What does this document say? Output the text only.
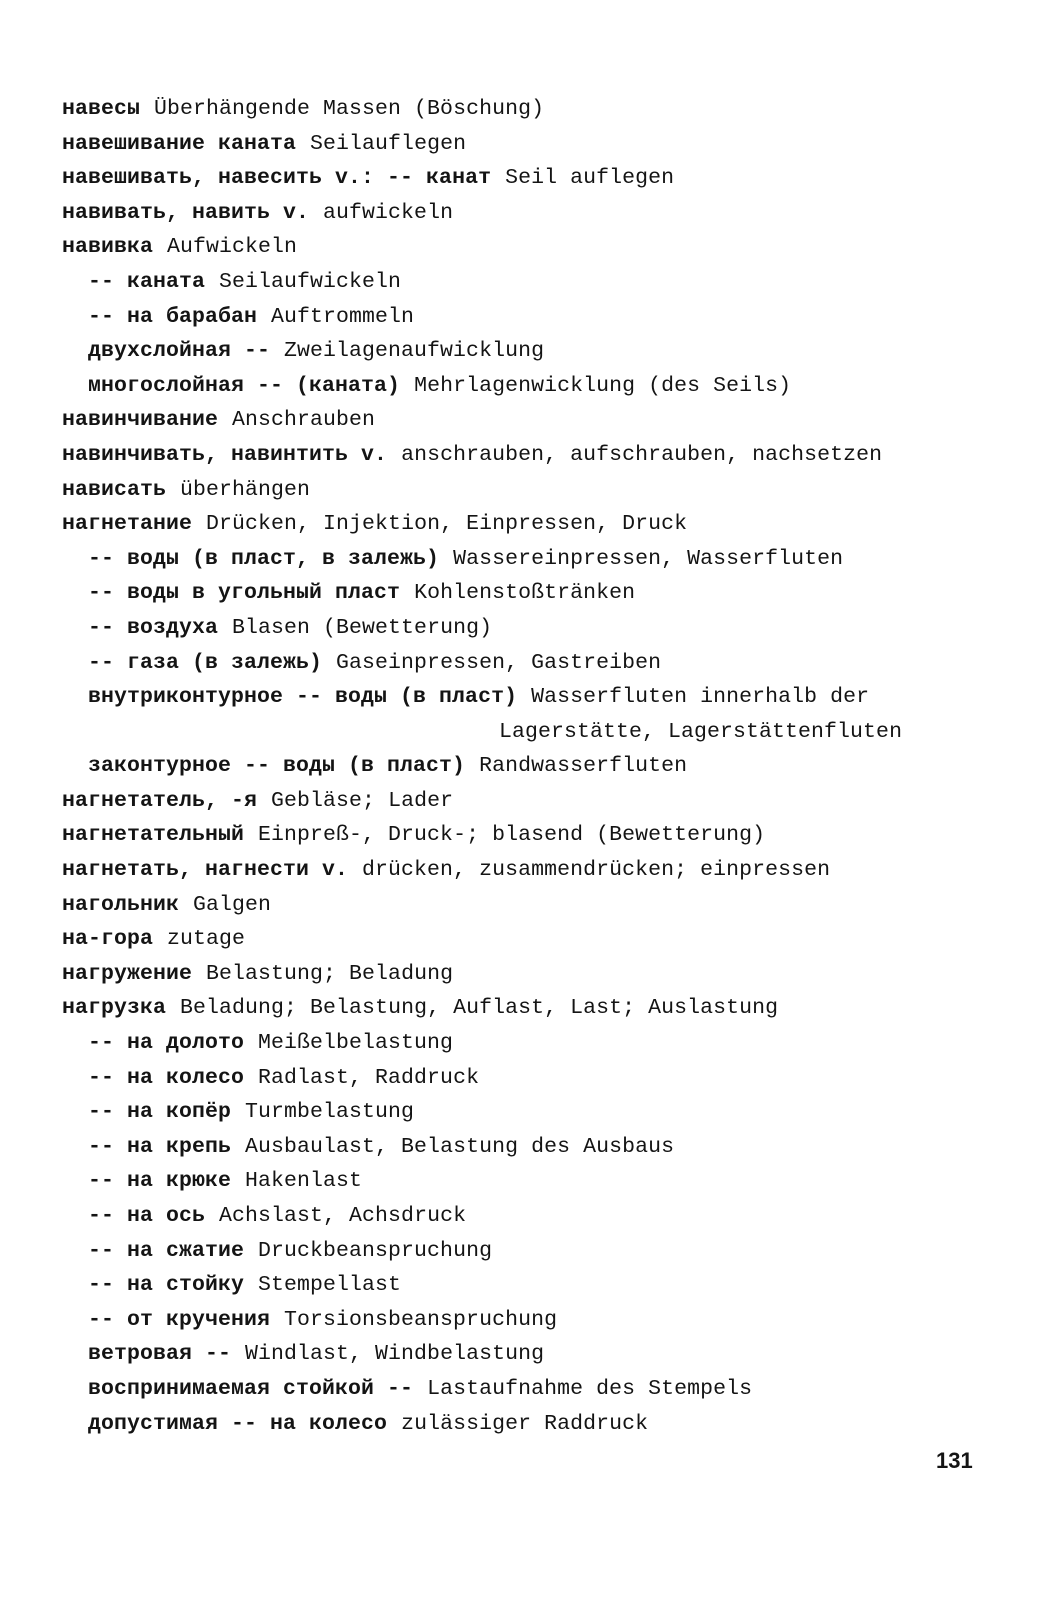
навесы Überhängende Massen (Böschung)
навешивание каната Seilauflegen
навешивать, навесить v.: -- канат Seil auflegen
навивать, навить v. aufwickeln
навивка Aufwickeln
-- каната Seilaufwickeln
-- на барабан Auftrommeln
двухслойная -- Zweilagenaufwicklung
многослойная -- (каната) Mehrlagenwicklung (des Seils)
навинчивание Anschrauben
навинчивать, навинтить v. anschrauben, aufschrauben, nachsetzen
нависать überhängen
нагнетание Drücken, Injektion, Einpressen, Druck
-- воды (в пласт, в залежь) Wassereinpressen, Wasserfluten
-- воды в угольный пласт Kohlenstoßtränken
-- воздуха Blasen (Bewetterung)
-- газа (в залежь) Gaseinpressen, Gastreiben
внутриконтурное -- воды (в пласт) Wasserfluten innerhalb der
Lagerstätte, Lagerstättenfluten
законтурное -- воды (в пласт) Randwasserfluten
нагнетатель, -я Gebläse; Lader
нагнетательный Einpreß-, Druck-; blasend (Bewetterung)
нагнетать, нагнести v. drücken, zusammendrücken; einpressen
нагольник Galgen
на-гора zutage
нагружение Belastung; Beladung
нагрузка Beladung; Belastung, Auflast, Last; Auslastung
-- на долото Meißelbelastung
-- на колесо Radlast, Raddruck
-- на копёр Turmbelastung
-- на крепь Ausbaulast, Belastung des Ausbaus
-- на крюке Hakenlast
-- на ось Achslast, Achsdruck
-- на сжатие Druckbeanspruchung
-- на стойку Stempellast
-- от кручения Torsionsbeanspruchung
ветровая -- Windlast, Windbelastung
воспринимаемая стойкой -- Lastaufnahme des Stempels
допустимая -- на колесо zulässiger Raddruck
131
